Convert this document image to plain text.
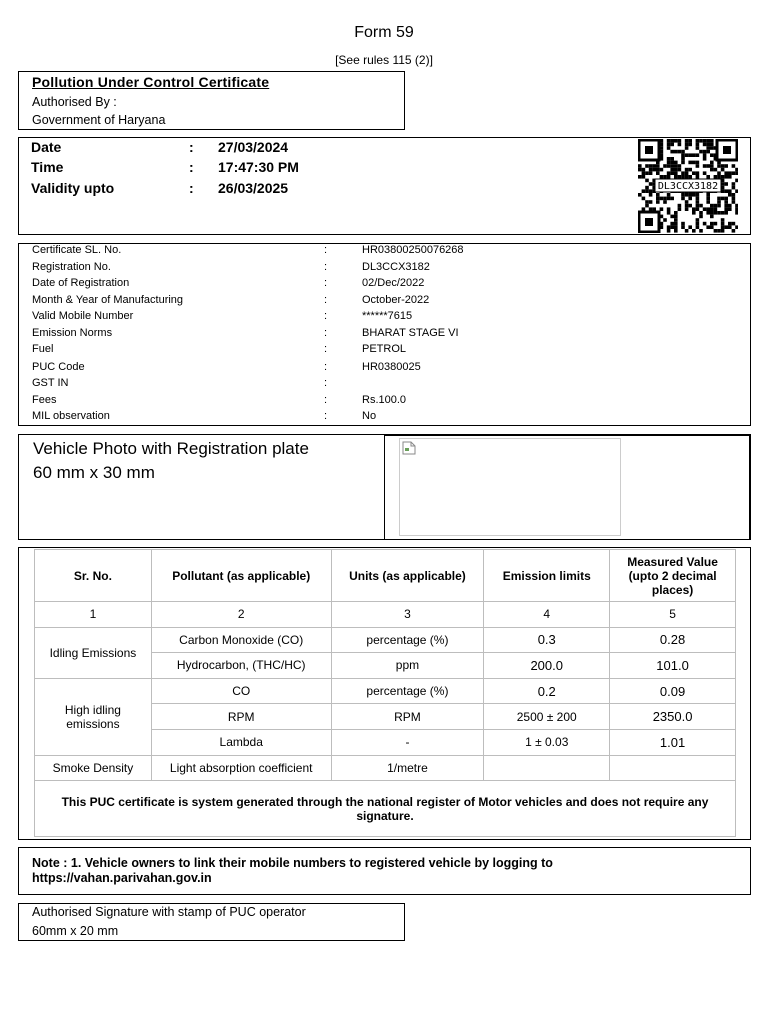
Form 59
[See rules 115 (2)]
Pollution Under Control Certificate
Authorised By :
Government of Haryana
Date	: 27/03/2024
Time	: 17:47:30 PM
Validity upto	: 26/03/2025	DL3CCX3182
Certificate SL. No.	:	HR03800250076268
Registration No.	:	DL3CCX3182
Date of Registration	:	02/Dec/2022
Month & Year of Manufacturing	:	October-2022
Valid Mobile Number	:	******7615
Emission Norms	:	BHARAT STAGE VI
Fuel	:	PETROL
PUC Code	:	HR0380025
GST IN	:
Fees	:	Rs.100.0
MIL observation	:	No
Vehicle Photo with Registration plate
60 mm x 30 mm
Sr. No.	Pollutant (as applicable)	Units (as applicable)	Emission limits	Measured Value (upto 2 decimal places)
1	2	3	4	5
Idling Emissions	Carbon Monoxide (CO)	percentage (%)	0.3	0.28
	Hydrocarbon, (THC/HC)	ppm	200.0	101.0
High idling emissions	CO	percentage (%)	0.2	0.09
	RPM	RPM	2500 ± 200	2350.0
	Lambda	-	1 ± 0.03	1.01
Smoke Density	Light absorption coefficient	1/metre		
This PUC certificate is system generated through the national register of Motor vehicles and does not require any signature.				
Note : 1. Vehicle owners to link their mobile numbers to registered vehicle by logging to https://vahan.parivahan.gov.in
Authorised Signature with stamp of PUC operator
60mm x 20 mm
